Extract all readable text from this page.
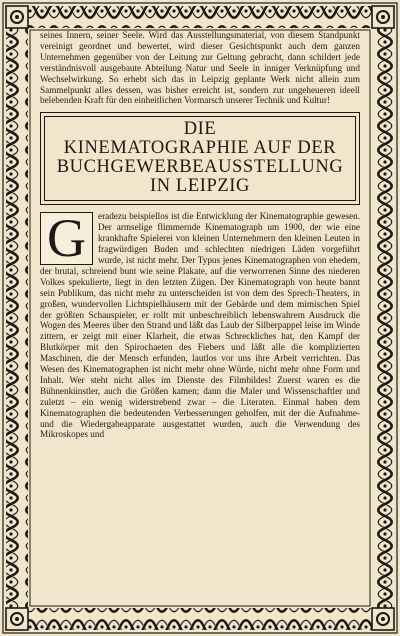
seines Innern, seiner Seele. Wird das Ausstellungsmaterial, von diesem Standpunkt vereinigt geordnet und bewertet, wird dieser Gesichtspunkt auch dem ganzen Unternehmen gegenüber von der Leitung zur Geltung gebracht, dann schildert jede verständnisvoll ausgebaute Abteilung Natur und Seele in inniger Verknüpfung und Wechselwirkung. So erhebt sich das in Leipzig geplante Werk nicht allein zum Sammelpunkt alles dessen, was bisher erreicht ist, sondern zur ungeheueren ideell belebenden Kraft für den einheitlichen Vormarsch unserer Technik und Kultur!

DIE
KINEMATOGRAPHIE AUF DER
BUCHGEWERBEAUSSTELLUNG
IN LEIPZIG
G	eradezu beispiellos ist die Entwicklung der Kinematographie gewesen. Der armselige flimmernde Kinematograph um 1900, der wie eine krankhafte Spielerei von kleinen Unternehmern den kleinen Leuten in fragwürdigen Buden und schlechten niedrigen Läden vorgeführt wurde, ist nicht mehr. Der Typus jenes Kinematographen von ehedem, der brutal, schreiend bunt wie seine Plakate, auf die verworrenen Sinne des niederen Volkes spekulierte, liegt in den letzten Zügen. Der Kinematograph von heute bannt sein Publikum, das nicht mehr zu unterscheiden ist von dem des Sprech-Theaters, in großen, wundervollen Lichtspielhäusern mit der Gebärde und dem mimischen Spiel der größten Schauspieler, er rollt mit unbeschreiblich lebenswahrem Ausdruck die Wogen des Meeres über den Strand und läßt das Laub der Silberpappel leise im Winde zittern, er zeigt mit einer Klarheit, die etwas Schreckliches hat, den Kampf der Blutkörper mit den Spirochaeten des Fiebers und läßt alle die komplizierten Maschinen, die der Mensch erfunden, lautlos vor uns ihre Arbeit verrichten. Das Wesen des Kinematographen ist nicht mehr ohne Würde, nicht mehr ohne Form und Inhalt. Wer steht nicht alles im Dienste des Filmbildes! Zuerst waren es die Bühnenkünstler, auch die Größen kamen; dann die Maler und Wissenschaftler und zuletzt – ein wenig widerstrebend zwar – die Literaten. Einmal haben dem Kinematographen die bedeutenden Verbesserungen geholfen, mit der die Aufnahme- und die Wiedergabeapparate ausgestattet wurden, auch die Verwendung des Mikroskopes und
